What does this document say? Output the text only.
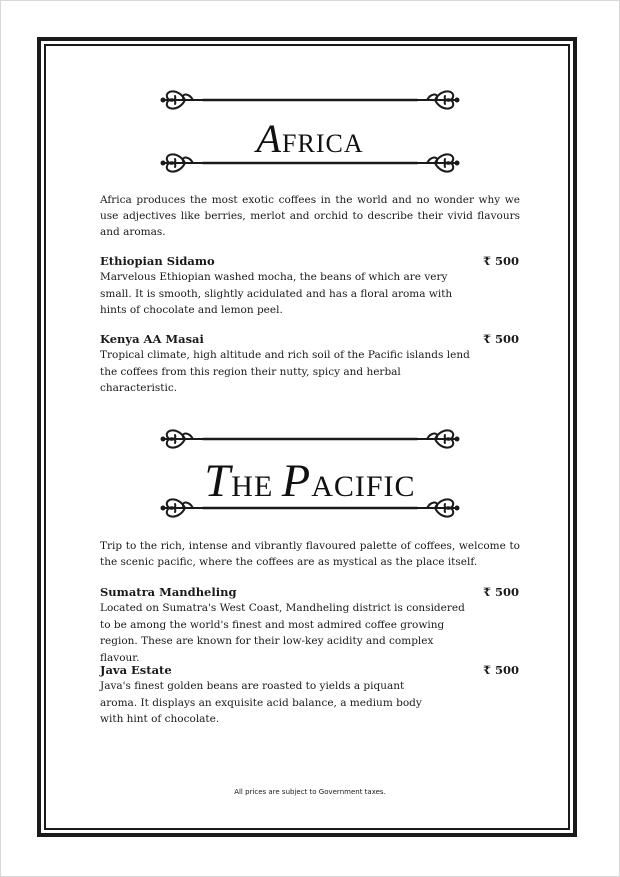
AFRICA
Africa produces the most exotic coffees in the world and no wonder why we use adjectives like berries, merlot and orchid to describe their vivid flavours and aromas.
Ethiopian Sidamo	₹ 500
Marvelous Ethiopian washed mocha, the beans of which are very small. It is smooth, slightly acidulated and has a floral aroma with hints of chocolate and lemon peel.
Kenya AA Masai	₹ 500
Tropical climate, high altitude and rich soil of the Pacific islands lend the coffees from this region their nutty, spicy and herbal characteristic.
THE PACIFIC
Trip to the rich, intense and vibrantly flavoured palette of coffees, welcome to the scenic pacific, where the coffees are as mystical as the place itself.
Sumatra Mandheling	₹ 500
Located on Sumatra's West Coast, Mandheling district is considered to be among the world's finest and most admired coffee growing region. These are known for their low-key acidity and complex flavour.
Java Estate	₹ 500
Java's finest golden beans are roasted to yields a piquant aroma. It displays an exquisite acid balance, a medium body with hint of chocolate.
All prices are subject to Government taxes.
